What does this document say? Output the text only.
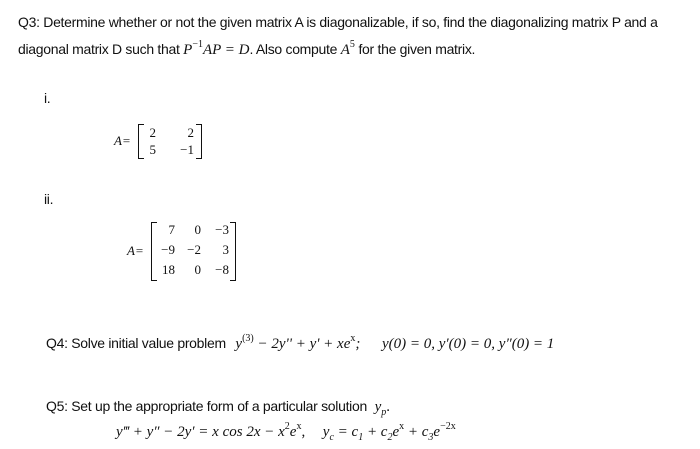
Q3: Determine whether or not the given matrix A is diagonalizable, if so, find the diagonalizing matrix P and a
diagonal matrix D such that $P^{-1}AP = D$. Also compute $A^5$ for the given matrix.
i.
A=
2	2
5	−1
ii.
A=
7	0	−3
−9 −2	3
18	0	−8
Q4: Solve initial value problem $y^{(3)} - 2y'' + y' + xe^x$; y(0) = 0, y′(0) = 0, y″(0) = 1
Q5: Set up the appropriate form of a particular solution $y_p$.
y‴ + y″ − 2y′ = x $\cos 2x - x^2e^x$, $y_c = c_1 + c_2e^x + c_3e^{-2x}$
